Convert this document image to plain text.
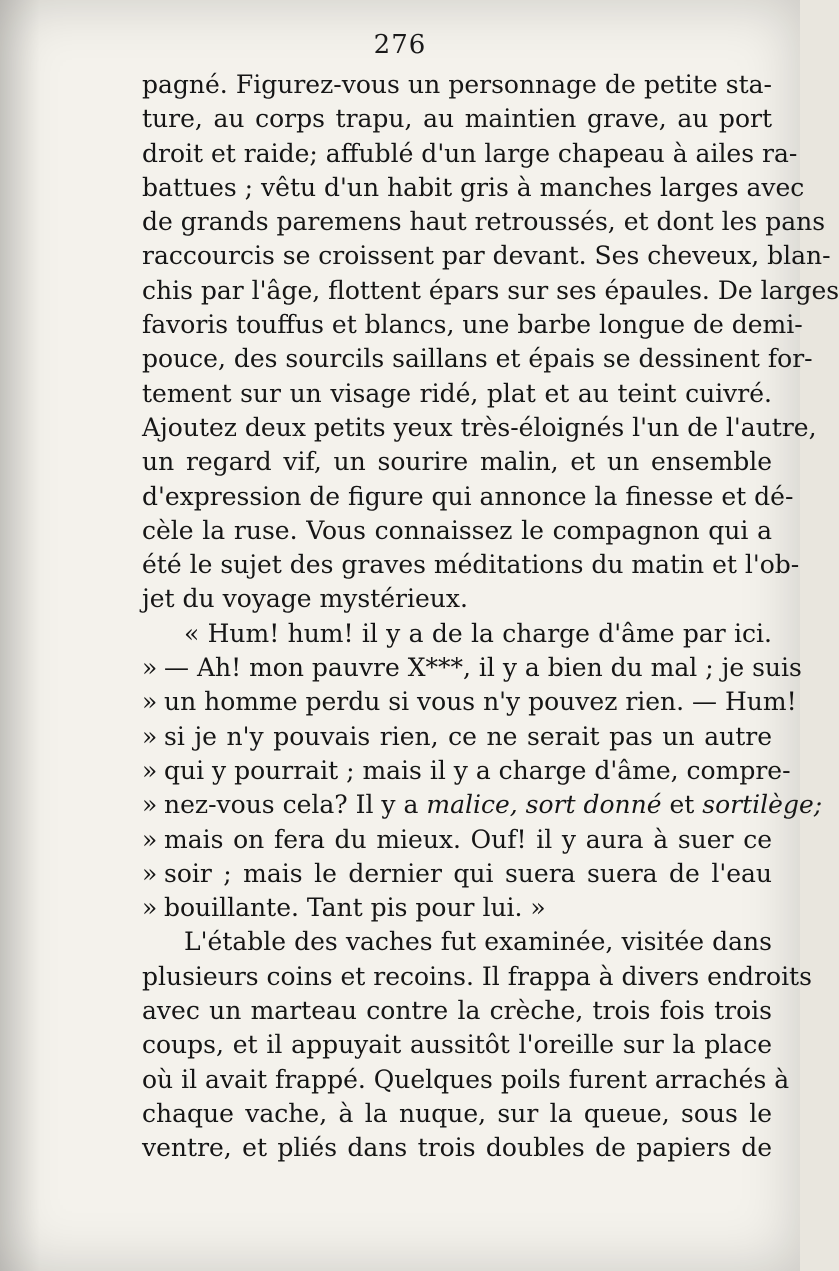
276
pagné. Figurez-vous un personnage de petite sta-
ture, au corps trapu, au maintien grave, au port
droit et raide; affublé d'un large chapeau à ailes ra-
battues ; vêtu d'un habit gris à manches larges avec
de grands paremens haut retroussés, et dont les pans
raccourcis se croissent par devant. Ses cheveux, blan-
chis par l'âge, flottent épars sur ses épaules. De larges
favoris touffus et blancs, une barbe longue de demi-
pouce, des sourcils saillans et épais se dessinent for-
tement sur un visage ridé, plat et au teint cuivré.
Ajoutez deux petits yeux très-éloignés l'un de l'autre,
un regard vif, un sourire malin, et un ensemble
d'expression de figure qui annonce la finesse et dé-
cèle la ruse. Vous connaissez le compagnon qui a
été le sujet des graves méditations du matin et l'ob-
jet du voyage mystérieux.
« Hum! hum! il y a de la charge d'âme par ici.
» — Ah! mon pauvre X***, il y a bien du mal ; je suis
» un homme perdu si vous n'y pouvez rien. — Hum!
» si je n'y pouvais rien, ce ne serait pas un autre
» qui y pourrait ; mais il y a charge d'âme, compre-
» nez-vous cela? Il y a malice, sort donné et sortilège;
» mais on fera du mieux. Ouf! il y aura à suer ce
» soir ; mais le dernier qui suera suera de l'eau
» bouillante. Tant pis pour lui. »
L'étable des vaches fut examinée, visitée dans
plusieurs coins et recoins. Il frappa à divers endroits
avec un marteau contre la crèche, trois fois trois
coups, et il appuyait aussitôt l'oreille sur la place
où il avait frappé. Quelques poils furent arrachés à
chaque vache, à la nuque, sur la queue, sous le
ventre, et pliés dans trois doubles de papiers de
